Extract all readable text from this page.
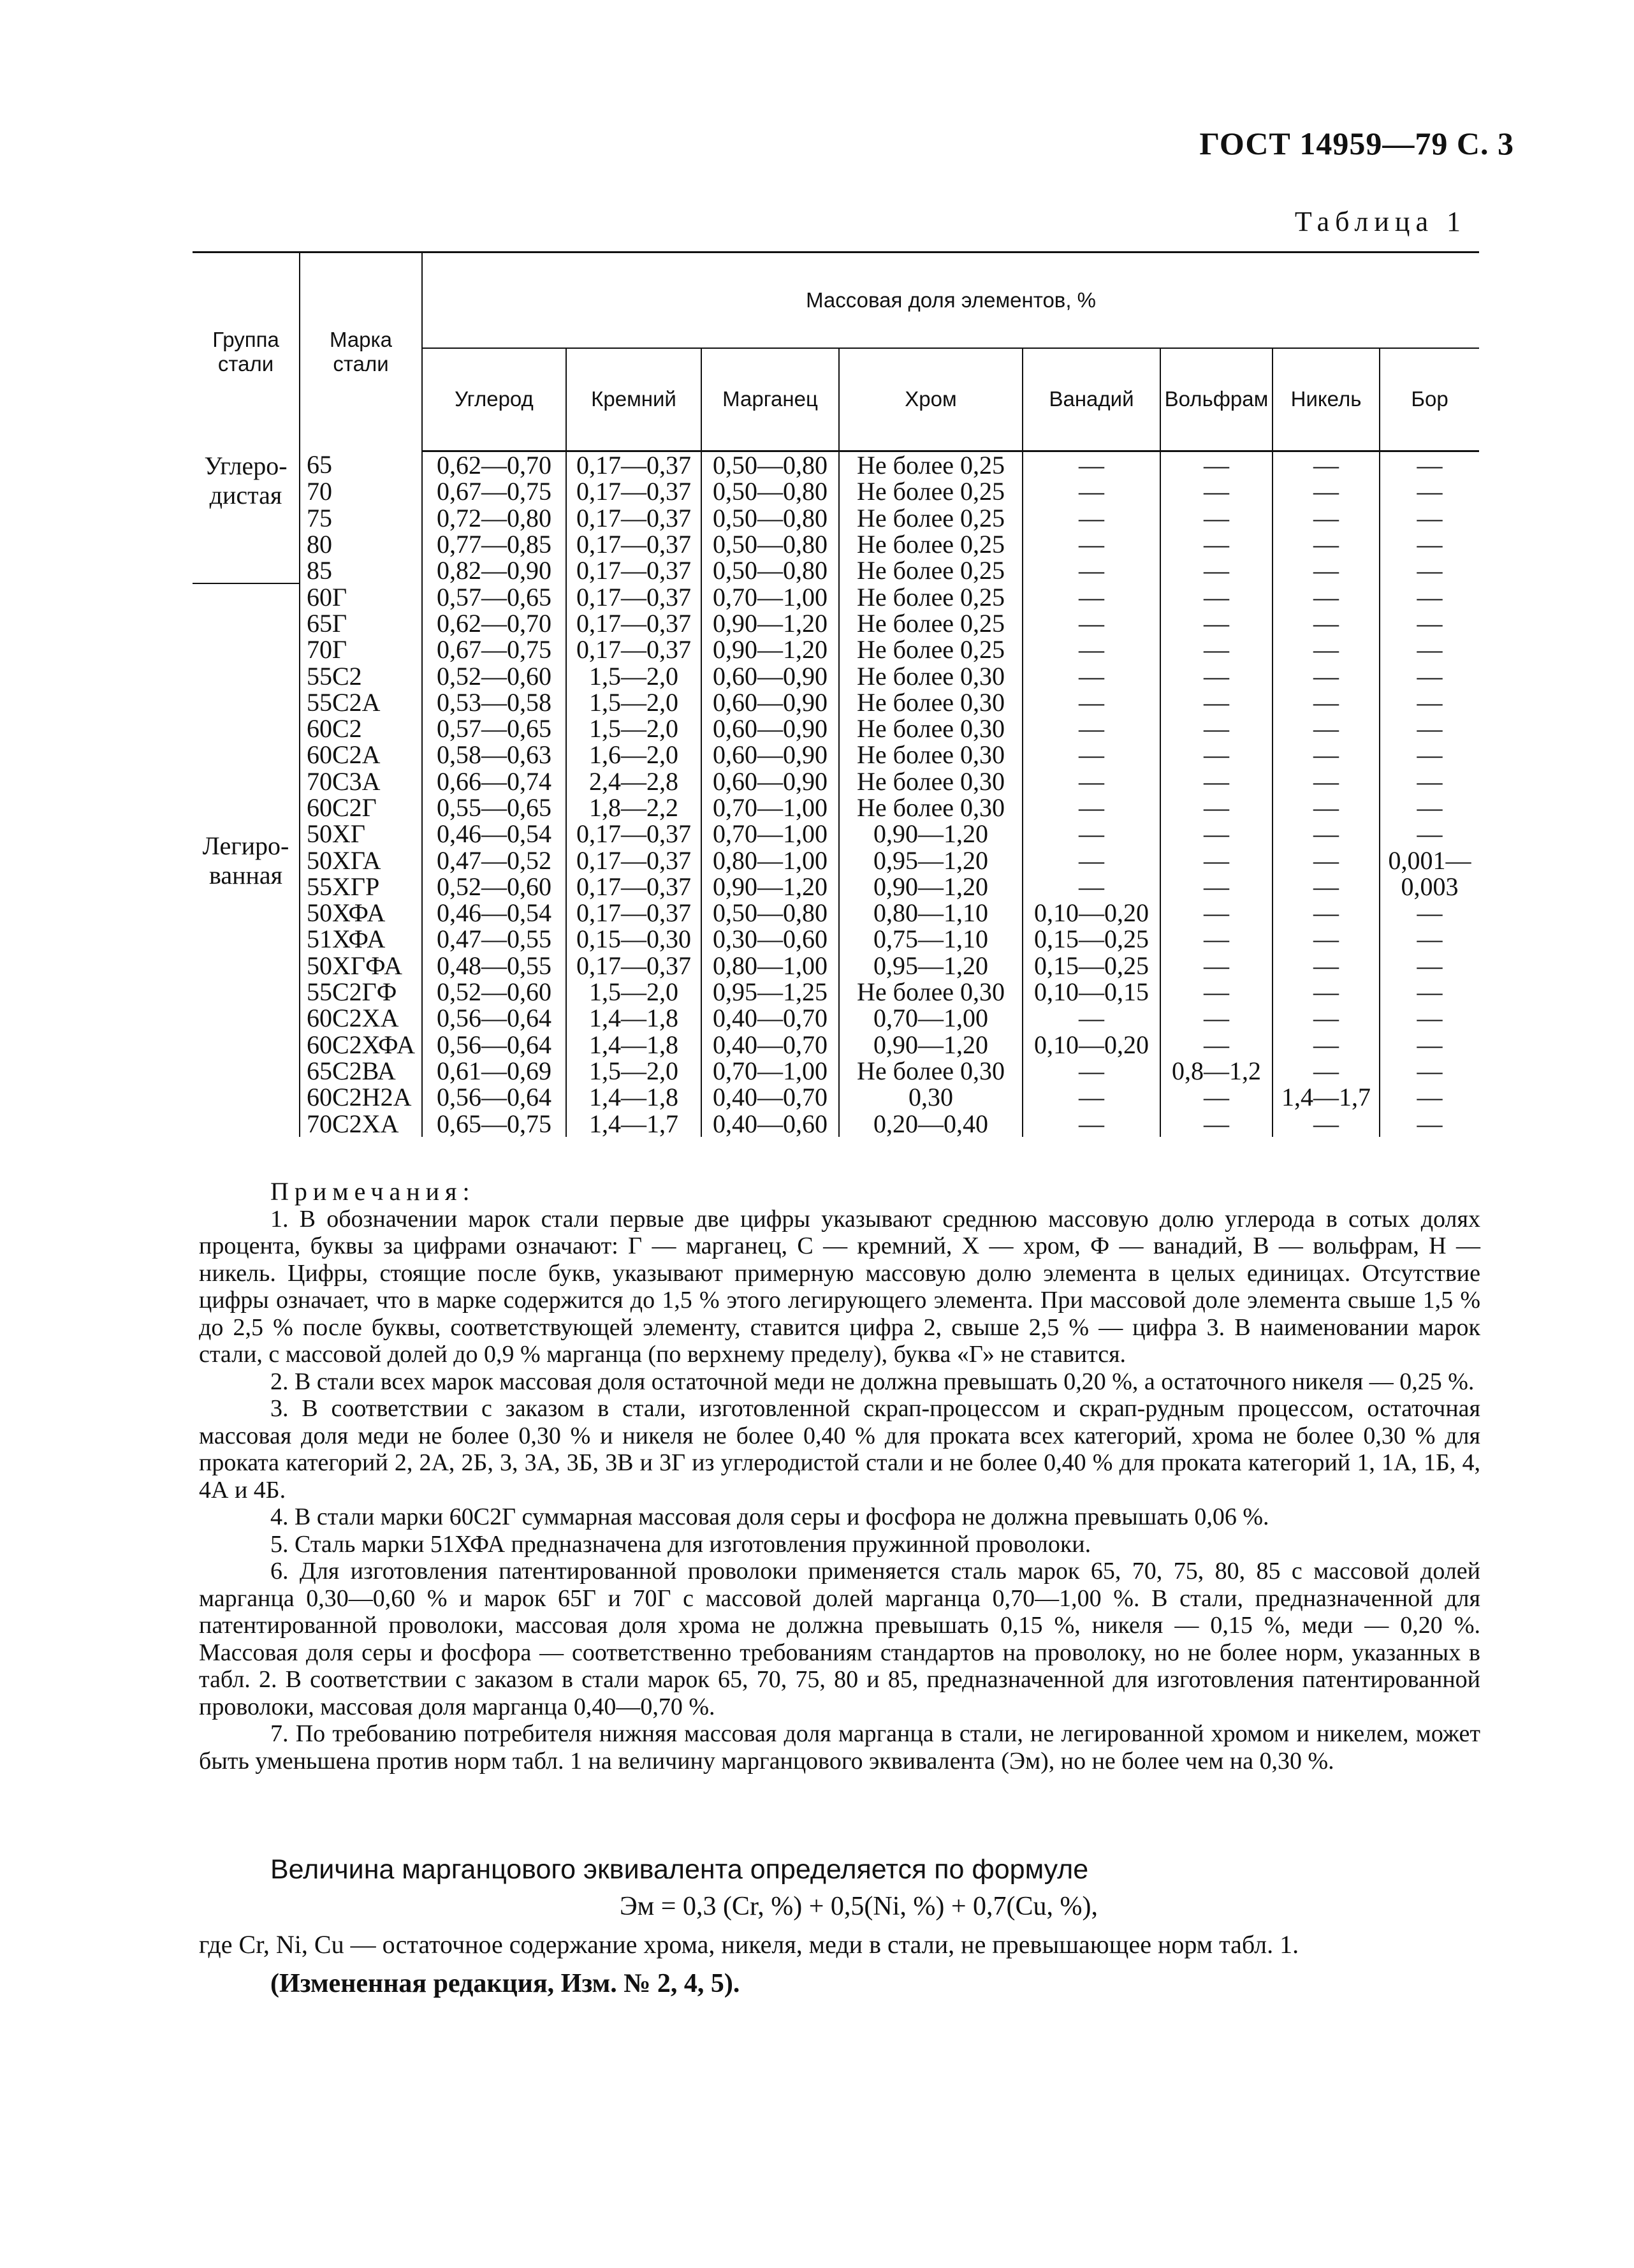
ГОСТ 14959—79 С. 3
Таблица 1
Группа стали	Марка стали	Массовая доля элементов, %							
		Углерод	Кремний	Марганец	Хром	Ванадий	Вольфрам	Никель	Бор
Углеро-
дистая	65	0,62—0,70	0,17—0,37	0,50—0,80	Не более 0,25	—	—	—	—
	70	0,67—0,75	0,17—0,37	0,50—0,80	Не более 0,25	—	—	—	—
	75	0,72—0,80	0,17—0,37	0,50—0,80	Не более 0,25	—	—	—	—
	80	0,77—0,85	0,17—0,37	0,50—0,80	Не более 0,25	—	—	—	—
	85	0,82—0,90	0,17—0,37	0,50—0,80	Не более 0,25	—	—	—	—
Легиро-
ванная	60Г	0,57—0,65	0,17—0,37	0,70—1,00	Не более 0,25	—	—	—	—
	65Г	0,62—0,70	0,17—0,37	0,90—1,20	Не более 0,25	—	—	—	—
	70Г	0,67—0,75	0,17—0,37	0,90—1,20	Не более 0,25	—	—	—	—
	55С2	0,52—0,60	1,5—2,0	0,60—0,90	Не более 0,30	—	—	—	—
	55С2А	0,53—0,58	1,5—2,0	0,60—0,90	Не более 0,30	—	—	—	—
	60С2	0,57—0,65	1,5—2,0	0,60—0,90	Не более 0,30	—	—	—	—
	60С2А	0,58—0,63	1,6—2,0	0,60—0,90	Не более 0,30	—	—	—	—
	70С3А	0,66—0,74	2,4—2,8	0,60—0,90	Не более 0,30	—	—	—	—
	60С2Г	0,55—0,65	1,8—2,2	0,70—1,00	Не более 0,30	—	—	—	—
	50ХГ	0,46—0,54	0,17—0,37	0,70—1,00	0,90—1,20	—	—	—	—
	50ХГА	0,47—0,52	0,17—0,37	0,80—1,00	0,95—1,20	—	—	—	0,001—
	55ХГР	0,52—0,60	0,17—0,37	0,90—1,20	0,90—1,20	—	—	—	0,003
	50ХФА	0,46—0,54	0,17—0,37	0,50—0,80	0,80—1,10	0,10—0,20	—	—	—
	51ХФА	0,47—0,55	0,15—0,30	0,30—0,60	0,75—1,10	0,15—0,25	—	—	—
	50ХГФА	0,48—0,55	0,17—0,37	0,80—1,00	0,95—1,20	0,15—0,25	—	—	—
	55С2ГФ	0,52—0,60	1,5—2,0	0,95—1,25	Не более 0,30	0,10—0,15	—	—	—
	60С2ХА	0,56—0,64	1,4—1,8	0,40—0,70	0,70—1,00	—	—	—	—
	60С2ХФА	0,56—0,64	1,4—1,8	0,40—0,70	0,90—1,20	0,10—0,20	—	—	—
	65С2ВА	0,61—0,69	1,5—2,0	0,70—1,00	Не более 0,30	—	0,8—1,2	—	—
	60С2Н2А	0,56—0,64	1,4—1,8	0,40—0,70	0,30	—	—	1,4—1,7	—
	70С2ХА	0,65—0,75	1,4—1,7	0,40—0,60	0,20—0,40	—	—	—	—
Примечания:

1. В обозначении марок стали первые две цифры указывают среднюю массовую долю углерода в сотых долях процента, буквы за цифрами означают: Г — марганец, С — кремний, Х — хром, Ф — ванадий, В — вольфрам, Н — никель. Цифры, стоящие после букв, указывают примерную массовую долю элемента в целых единицах. Отсутствие цифры означает, что в марке содержится до 1,5 % этого легирующего элемента. При массовой доле элемента свыше 1,5 % до 2,5 % после буквы, соответствующей элементу, ставится цифра 2, свыше 2,5 % — цифра 3. В наименовании марок стали, с массовой долей до 0,9 % марганца (по верхнему пределу), буква «Г» не ставится.

2. В стали всех марок массовая доля остаточной меди не должна превышать 0,20 %, а остаточного никеля — 0,25 %.

3. В соответствии с заказом в стали, изготовленной скрап-процессом и скрап-рудным процессом, остаточная массовая доля меди не более 0,30 % и никеля не более 0,40 % для проката всех категорий, хрома не более 0,30 % для проката категорий 2, 2А, 2Б, 3, 3А, 3Б, 3В и 3Г из углеродистой стали и не более 0,40 % для проката категорий 1, 1А, 1Б, 4, 4А и 4Б.

4. В стали марки 60С2Г суммарная массовая доля серы и фосфора не должна превышать 0,06 %.

5. Сталь марки 51ХФА предназначена для изготовления пружинной проволоки.

6. Для изготовления патентированной проволоки применяется сталь марок 65, 70, 75, 80, 85 с массовой долей марганца 0,30—0,60 % и марок 65Г и 70Г с массовой долей марганца 0,70—1,00 %. В стали, предназначенной для патентированной проволоки, массовая доля хрома не должна превышать 0,15 %, никеля — 0,15 %, меди — 0,20 %. Массовая доля серы и фосфора — соответственно требованиям стандартов на проволоку, но не более норм, указанных в табл. 2. В соответствии с заказом в стали марок 65, 70, 75, 80 и 85, предназначенной для изготовления патентированной проволоки, массовая доля марганца 0,40—0,70 %.

7. По требованию потребителя нижняя массовая доля марганца в стали, не легированной хромом и никелем, может быть уменьшена против норм табл. 1 на величину марганцового эквивалента (Эм), но не более чем на 0,30 %.

Величина марганцового эквивалента определяется по формуле

Эм = 0,3 (Cr, %) + 0,5(Ni, %) + 0,7(Cu, %),

где Cr, Ni, Cu — остаточное содержание хрома, никеля, меди в стали, не превышающее норм табл. 1.

(Измененная редакция, Изм. № 2, 4, 5).
